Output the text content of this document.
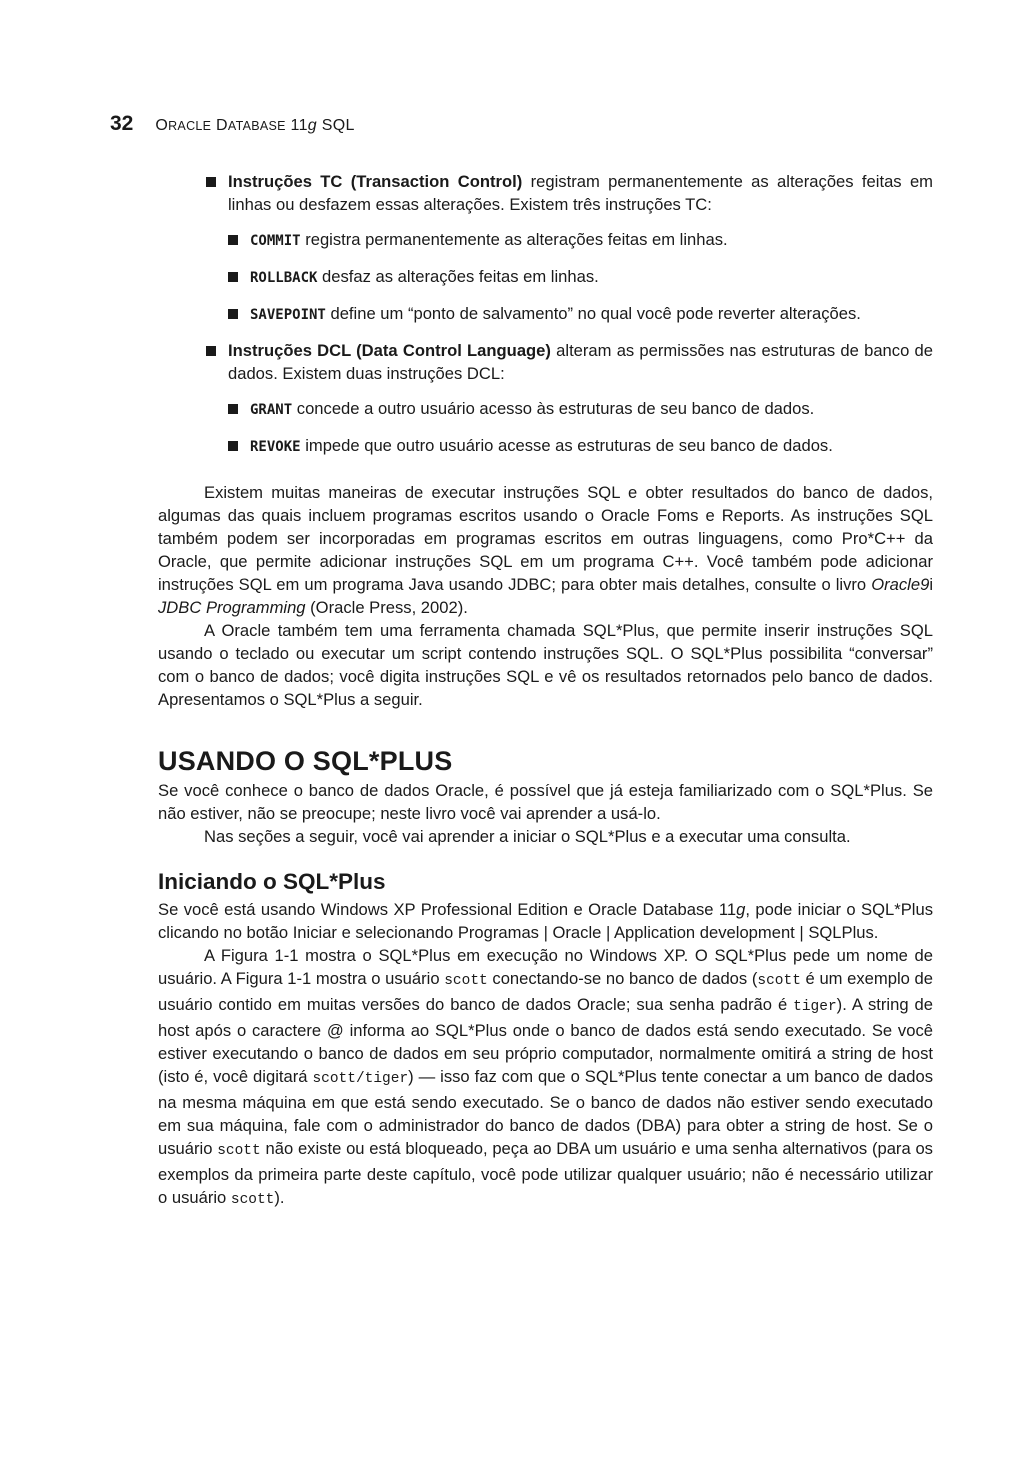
32 ORACLE DATABASE 11g SQL
Instruções TC (Transaction Control) registram permanentemente as alterações feitas em linhas ou desfazem essas alterações. Existem três instruções TC:
COMMIT registra permanentemente as alterações feitas em linhas.
ROLLBACK desfaz as alterações feitas em linhas.
SAVEPOINT define um “ponto de salvamento” no qual você pode reverter alterações.
Instruções DCL (Data Control Language) alteram as permissões nas estruturas de banco de dados. Existem duas instruções DCL:
GRANT concede a outro usuário acesso às estruturas de seu banco de dados.
REVOKE impede que outro usuário acesse as estruturas de seu banco de dados.

Existem muitas maneiras de executar instruções SQL e obter resultados do banco de dados, algumas das quais incluem programas escritos usando o Oracle Foms e Reports. As instruções SQL também podem ser incorporadas em programas escritos em outras linguagens, como Pro*C++ da Oracle, que permite adicionar instruções SQL em um programa C++. Você também pode adicionar instruções SQL em um programa Java usando JDBC; para obter mais detalhes, consulte o livro Oracle9i JDBC Programming (Oracle Press, 2002).

A Oracle também tem uma ferramenta chamada SQL*Plus, que permite inserir instruções SQL usando o teclado ou executar um script contendo instruções SQL. O SQL*Plus possibilita “conversar” com o banco de dados; você digita instruções SQL e vê os resultados retornados pelo banco de dados. Apresentamos o SQL*Plus a seguir.

USANDO O SQL*PLUS

Se você conhece o banco de dados Oracle, é possível que já esteja familiarizado com o SQL*Plus. Se não estiver, não se preocupe; neste livro você vai aprender a usá-lo.

Nas seções a seguir, você vai aprender a iniciar o SQL*Plus e a executar uma consulta.

Iniciando o SQL*Plus

Se você está usando Windows XP Professional Edition e Oracle Database 11g, pode iniciar o SQL*Plus clicando no botão Iniciar e selecionando Programas | Oracle | Application development | SQLPlus.

A Figura 1-1 mostra o SQL*Plus em execução no Windows XP. O SQL*Plus pede um nome de usuário. A Figura 1-1 mostra o usuário scott conectando-se no banco de dados (scott é um exemplo de usuário contido em muitas versões do banco de dados Oracle; sua senha padrão é tiger). A string de host após o caractere @ informa ao SQL*Plus onde o banco de dados está sendo executado. Se você estiver executando o banco de dados em seu próprio computador, normalmente omitirá a string de host (isto é, você digitará scott/tiger) — isso faz com que o SQL*Plus tente conectar a um banco de dados na mesma máquina em que está sendo executado. Se o banco de dados não estiver sendo executado em sua máquina, fale com o administrador do banco de dados (DBA) para obter a string de host. Se o usuário scott não existe ou está bloqueado, peça ao DBA um usuário e uma senha alternativos (para os exemplos da primeira parte deste capítulo, você pode utilizar qualquer usuário; não é necessário utilizar o usuário scott).
